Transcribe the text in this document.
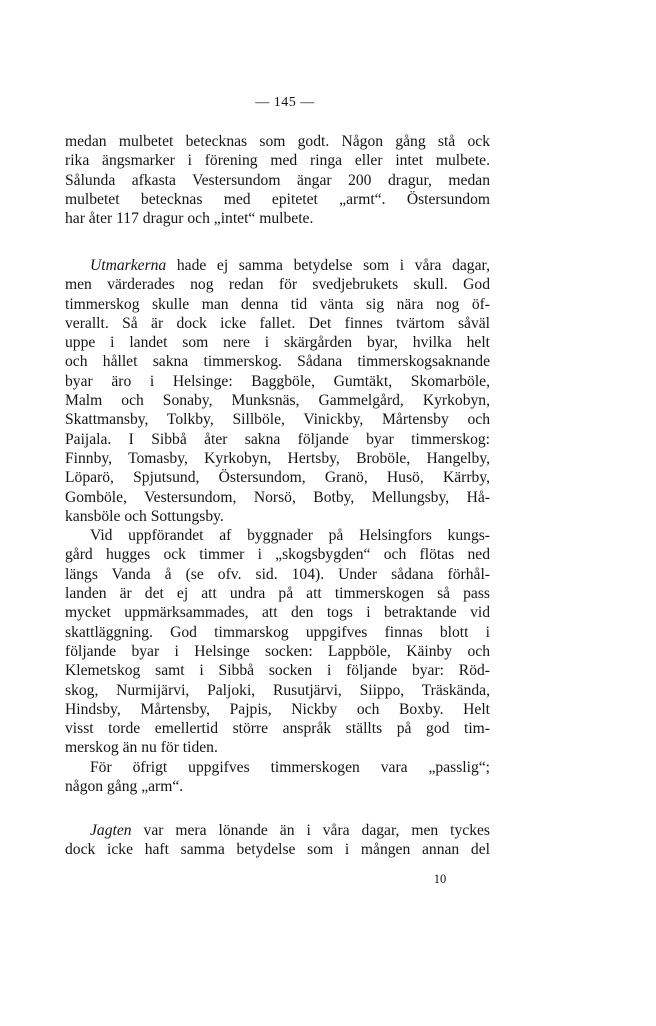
— 145 —

medan mulbetet betecknas som godt. Någon gång stå ock

rika ängsmarker i förening med ringa eller intet mulbete.

Sålunda afkasta Vestersundom ängar 200 dragur, medan

mulbetet betecknas med epitetet „armt“. Östersundom

har åter 117 dragur och „intet“ mulbete.

Utmarkerna hade ej samma betydelse som i våra dagar,

men värderades nog redan för svedjebrukets skull. God

timmerskog skulle man denna tid vänta sig nära nog öf-

verallt. Så är dock icke fallet. Det finnes tvärtom såväl

uppe i landet som nere i skärgården byar, hvilka helt

och hållet sakna timmerskog. Sådana timmerskogsaknande

byar äro i Helsinge: Baggböle, Gumtäkt, Skomarböle,

Malm och Sonaby, Munksnäs, Gammelgård, Kyrkobyn,

Skattmansby, Tolkby, Sillböle, Vinickby, Mårtensby och

Paijala. I Sibbå åter sakna följande byar timmerskog:

Finnby, Tomasby, Kyrkobyn, Hertsby, Broböle, Hangelby,

Löparö, Spjutsund, Östersundom, Granö, Husö, Kärrby,

Gomböle, Vestersundom, Norsö, Botby, Mellungsby, Hå-

kansböle och Sottungsby.

Vid uppförandet af byggnader på Helsingfors kungs-

gård hugges ock timmer i „skogsbygden“ och flötas ned

längs Vanda å (se ofv. sid. 104). Under sådana förhål-

landen är det ej att undra på att timmerskogen så pass

mycket uppmärksammades, att den togs i betraktande vid

skattläggning. God timmarskog uppgifves finnas blott i

följande byar i Helsinge socken: Lappböle, Käinby och

Klemetskog samt i Sibbå socken i följande byar: Röd-

skog, Nurmijärvi, Paljoki, Rusutjärvi, Siippo, Träskända,

Hindsby, Mårtensby, Pajpis, Nickby och Boxby. Helt

visst torde emellertid större anspråk ställts på god tim-

merskog än nu för tiden.

För öfrigt uppgifves timmerskogen vara „passlig“;

någon gång „arm“.

Jagten var mera lönande än i våra dagar, men tyckes

dock icke haft samma betydelse som i mången annan del

10
